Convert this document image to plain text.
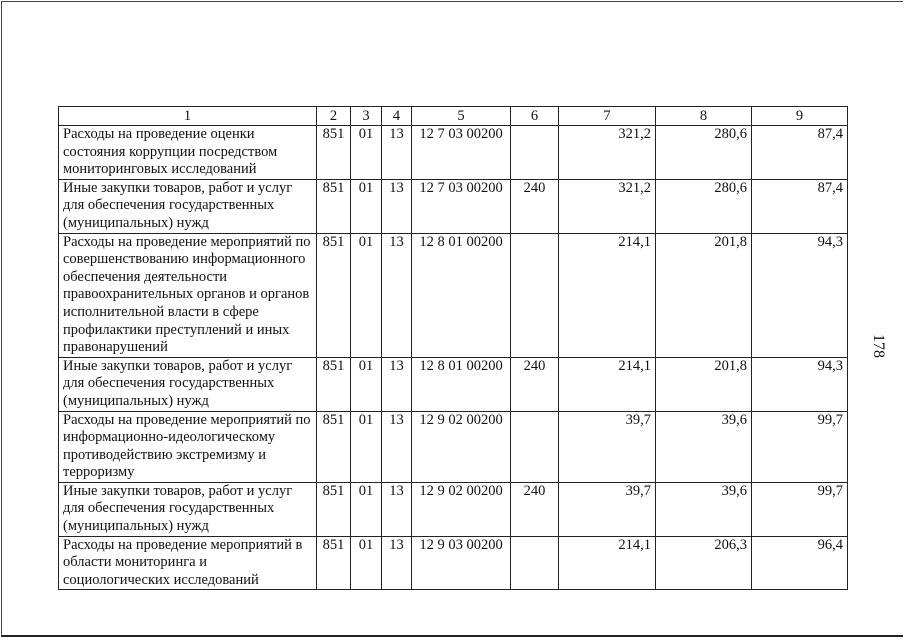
1	2	3	4	5	6	7	8	9
Расходы на проведение оценки состояния коррупции посредством мониторинговых исследований	851	01	13	12 7 03 00200		321,2	280,6	87,4
Иные закупки товаров, работ и услуг для обеспечения государственных (муниципальных) нужд	851	01	13	12 7 03 00200	240	321,2	280,6	87,4
Расходы на проведение мероприятий по совершенствованию информационного обеспечения деятельности правоохранительных органов и органов исполнительной власти в сфере профилактики преступлений и иных правонарушений	851	01	13	12 8 01 00200		214,1	201,8	94,3
Иные закупки товаров, работ и услуг для обеспечения государственных (муниципальных) нужд	851	01	13	12 8 01 00200	240	214,1	201,8	94,3
Расходы на проведение мероприятий по информационно-идеологическому противодействию экстремизму и терроризму	851	01	13	12 9 02 00200		39,7	39,6	99,7
Иные закупки товаров, работ и услуг для обеспечения государственных (муниципальных) нужд	851	01	13	12 9 02 00200	240	39,7	39,6	99,7
Расходы на проведение мероприятий в области мониторинга и социологических исследований	851	01	13	12 9 03 00200		214,1	206,3	96,4
178
